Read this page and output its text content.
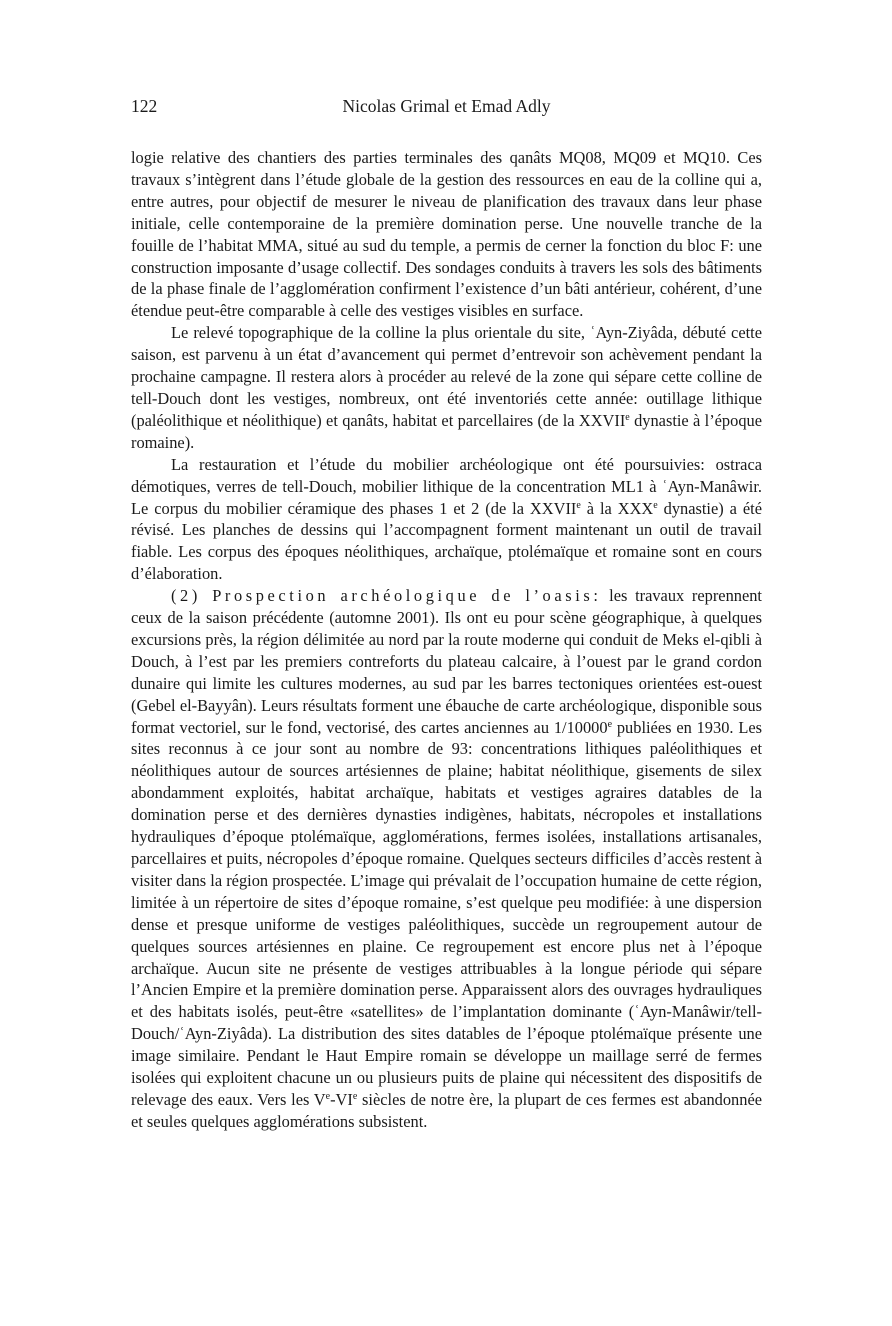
122	Nicolas Grimal et Emad Adly

logie relative des chantiers des parties terminales des qanâts MQ08, MQ09 et MQ10. Ces travaux s’intègrent dans l’étude globale de la gestion des ressources en eau de la colline qui a, entre autres, pour objectif de mesurer le niveau de planification des travaux dans leur phase initiale, celle contemporaine de la première domination perse. Une nouvelle tranche de la fouille de l’habitat MMA, situé au sud du temple, a permis de cerner la fonction du bloc F: une construction imposante d’usage collectif. Des sondages conduits à travers les sols des bâtiments de la phase finale de l’agglomération confirment l’existence d’un bâti antérieur, cohérent, d’une étendue peut-être comparable à celle des vestiges visibles en surface.

Le relevé topographique de la colline la plus orientale du site, ʿAyn-Ziyâda, débuté cette saison, est parvenu à un état d’avancement qui permet d’entrevoir son achèvement pendant la prochaine campagne. Il restera alors à procéder au relevé de la zone qui sépare cette colline de tell-Douch dont les vestiges, nombreux, ont été inventoriés cette année: outillage lithique (paléolithique et néolithique) et qanâts, habitat et parcellaires (de la XXVIIe dynastie à l’époque romaine).

La restauration et l’étude du mobilier archéologique ont été poursuivies: ostraca démotiques, verres de tell-Douch, mobilier lithique de la concentration ML1 à ʿAyn-Manâwir. Le corpus du mobilier céramique des phases 1 et 2 (de la XXVIIe à la XXXe dynastie) a été révisé. Les planches de dessins qui l’accompagnent forment maintenant un outil de travail fiable. Les corpus des époques néolithiques, archaïque, ptolémaïque et romaine sont en cours d’élaboration.

(2) Prospection archéologique de l’oasis: les travaux reprennent ceux de la saison précédente (automne 2001). Ils ont eu pour scène géographique, à quelques excursions près, la région délimitée au nord par la route moderne qui conduit de Meks el-qibli à Douch, à l’est par les premiers contreforts du plateau calcaire, à l’ouest par le grand cordon dunaire qui limite les cultures modernes, au sud par les barres tectoniques orientées est-ouest (Gebel el-Bayyân). Leurs résultats forment une ébauche de carte archéologique, disponible sous format vectoriel, sur le fond, vectorisé, des cartes anciennes au 1/10000e publiées en 1930. Les sites reconnus à ce jour sont au nombre de 93: concentrations lithiques paléolithiques et néolithiques autour de sources artésiennes de plaine; habitat néolithique, gisements de silex abondamment exploités, habitat archaïque, habitats et vestiges agraires datables de la domination perse et des dernières dynasties indigènes, habitats, nécropoles et installations hydrauliques d’époque ptolémaïque, agglomérations, fermes isolées, installations artisanales, parcellaires et puits, nécropoles d’époque romaine. Quelques secteurs difficiles d’accès restent à visiter dans la région prospectée. L’image qui prévalait de l’occupation humaine de cette région, limitée à un répertoire de sites d’époque romaine, s’est quelque peu modifiée: à une dispersion dense et presque uniforme de vestiges paléolithiques, succède un regroupement autour de quelques sources artésiennes en plaine. Ce regroupement est encore plus net à l’époque archaïque. Aucun site ne présente de vestiges attribuables à la longue période qui sépare l’Ancien Empire et la première domination perse. Apparaissent alors des ouvrages hydrauliques et des habitats isolés, peut-être «satellites» de l’implantation dominante (ʿAyn-Manâwir/tell-Douch/ʿAyn-Ziyâda). La distribution des sites datables de l’époque ptolémaïque présente une image similaire. Pendant le Haut Empire romain se développe un maillage serré de fermes isolées qui exploitent chacune un ou plusieurs puits de plaine qui nécessitent des dispositifs de relevage des eaux. Vers les Ve-VIe siècles de notre ère, la plupart de ces fermes est abandonnée et seules quelques agglomérations subsistent.
